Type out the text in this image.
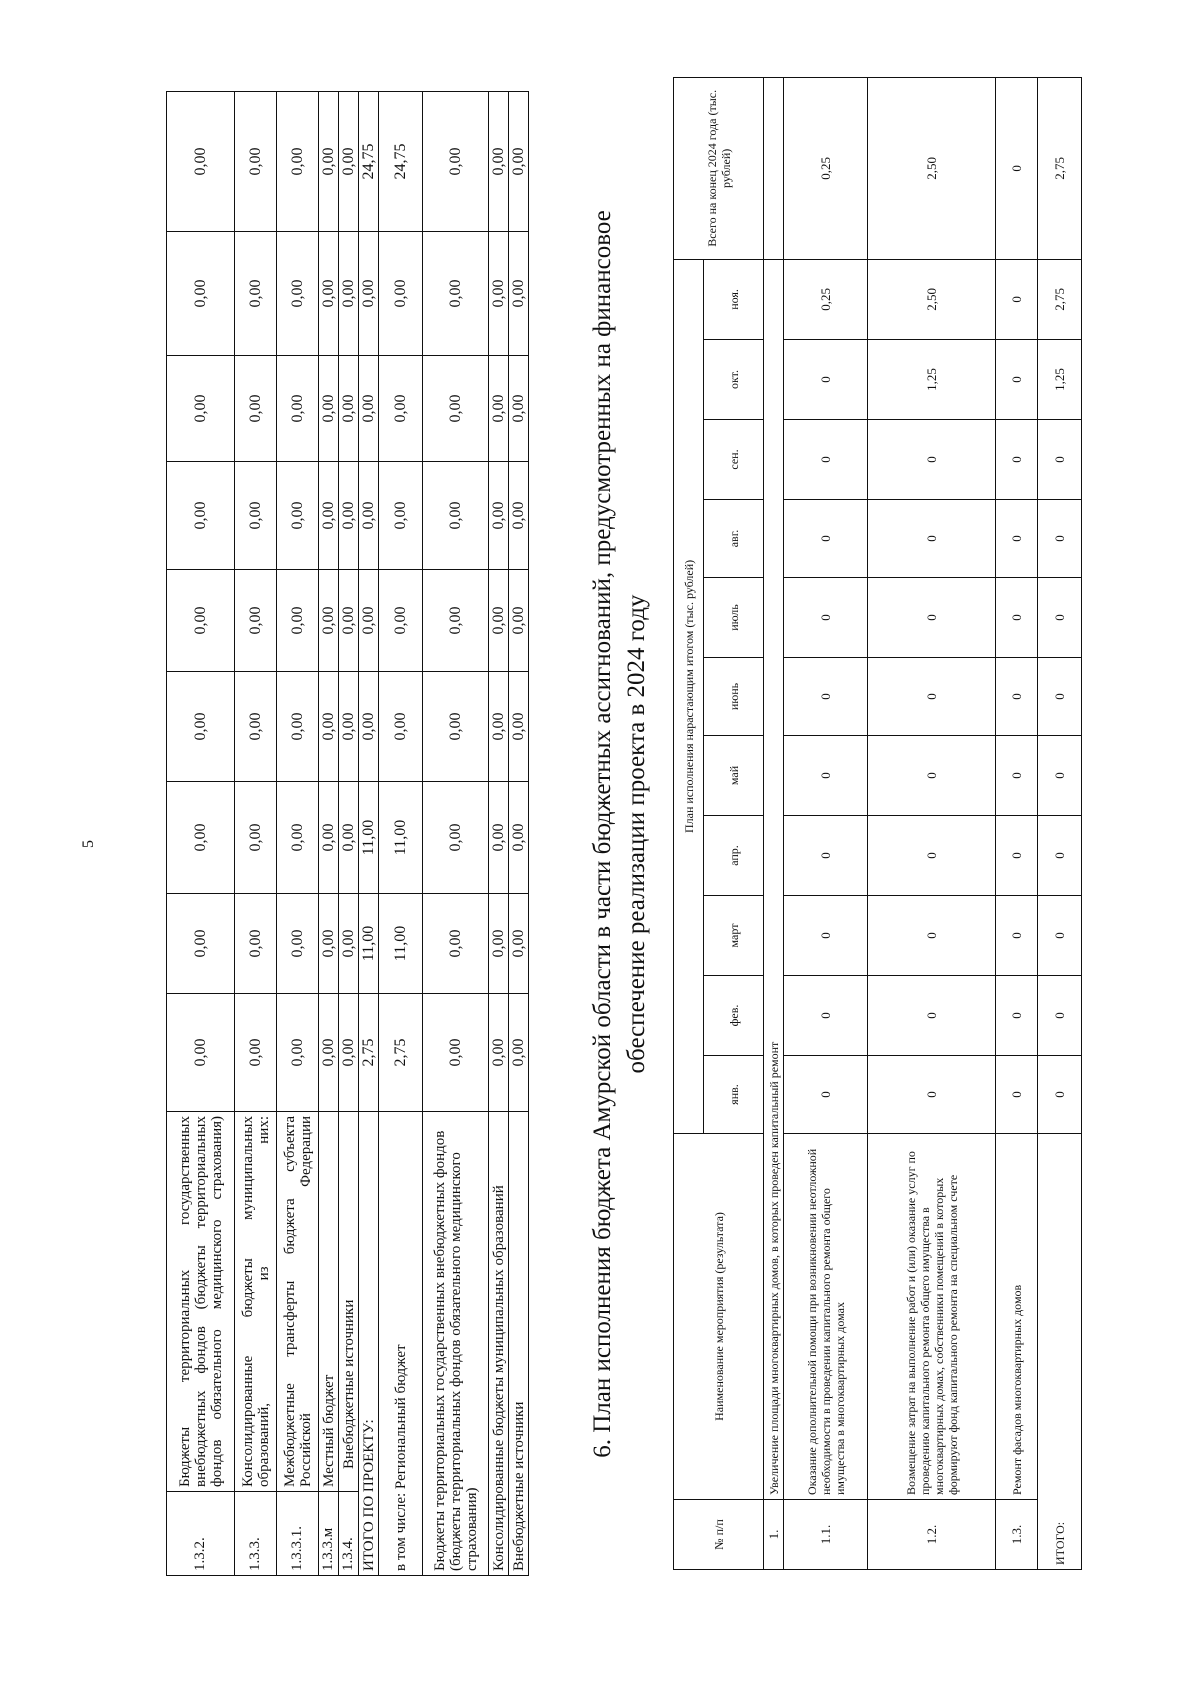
5
1.3.2.	Бюджеты территориальных государственных внебюджетных фондов (бюджеты территориальных фондов обязательного медицинского страхования)	0,00	0,00	0,00	0,00	0,00	0,00	0,00	0,00	0,00
1.3.3.	Консолидированные бюджеты муниципальных образований, из них:	0,00	0,00	0,00	0,00	0,00	0,00	0,00	0,00	0,00
1.3.3.1.	Межбюджетные трансферты бюджета субъекта Российской Федерации	0,00	0,00	0,00	0,00	0,00	0,00	0,00	0,00	0,00
1.3.3.м	Местный бюджет	0,00	0,00	0,00	0,00	0,00	0,00	0,00	0,00	0,00
1.3.4.	Внебюджетные источники	0,00	0,00	0,00	0,00	0,00	0,00	0,00	0,00	0,00
ИТОГО ПО ПРОЕКТУ:		2,75	11,00	11,00	0,00	0,00	0,00	0,00	0,00	24,75
в том числе: Региональный бюджет		2,75	11,00	11,00	0,00	0,00	0,00	0,00	0,00	24,75
Бюджеты территориальных государственных внебюджетных фондов (бюджеты территориальных фондов обязательного медицинского страхования)		0,00	0,00	0,00	0,00	0,00	0,00	0,00	0,00	0,00
Консолидированные бюджеты муниципальных образований		0,00	0,00	0,00	0,00	0,00	0,00	0,00	0,00	0,00
Внебюджетные источники		0,00	0,00	0,00	0,00	0,00	0,00	0,00	0,00	0,00
6. План исполнения бюджета Амурской области в части бюджетных ассигнований, предусмотренных на финансовое обеспечение реализации проекта в 2024 году
№ п/п	Наименование мероприятия (результата)	План исполнения нарастающим итогом (тыс. рублей)											Всего на конец 2024 года (тыс. рублей)
		янв.	фев.	март	апр.	май	июнь	июль	авг.	сен.	окт.	ноя.	
1.	Увеличение площади многоквартирных домов, в которых проведен капитальный ремонт												
1.1.	Оказание дополнительной помощи при возникновении неотложной необходимости в проведении капитального ремонта общего имущества в многоквартирных домах	0	0	0	0	0	0	0	0	0	0	0,25	0,25
1.2.	Возмещение затрат на выполнение работ и (или) оказание услуг по проведению капитального ремонта общего имущества в многоквартирных домах, собственники помещений в которых формируют фонд капитального ремонта на специальном счете	0	0	0	0	0	0	0	0	0	1,25	2,50	2,50
1.3.	Ремонт фасадов многоквартирных домов	0	0	0	0	0	0	0	0	0	0	0	0
ИТОГО:		0	0	0	0	0	0	0	0	0	1,25	2,75	2,75
